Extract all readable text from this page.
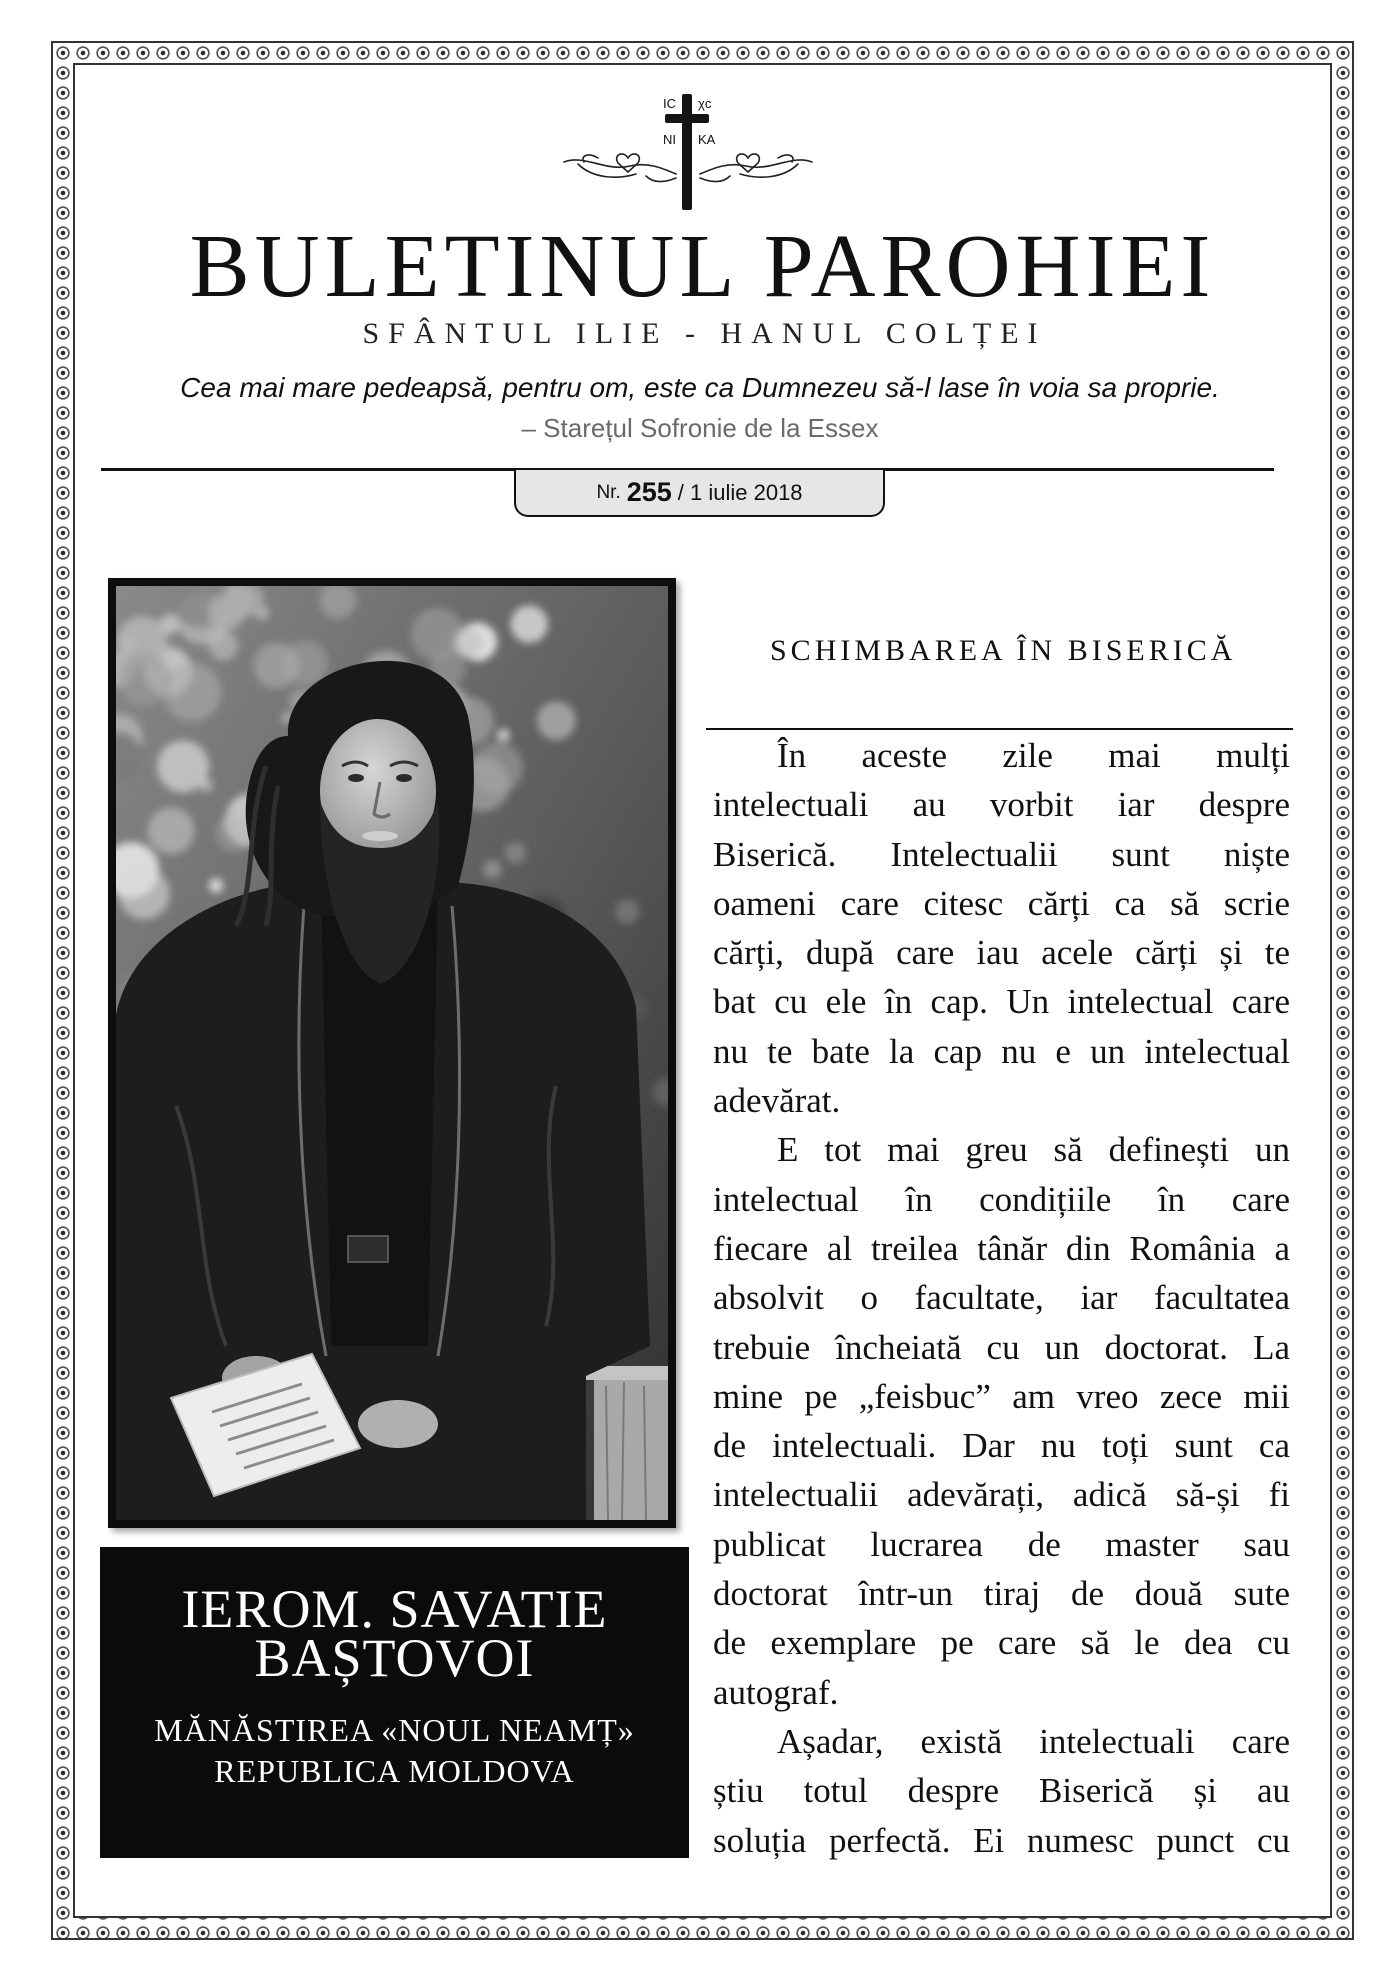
IC χc
NI KA
BULETINUL PAROHIEI
SFÂNTUL ILIE - HANUL COLȚEI
Cea mai mare pedeapsă, pentru om, este ca Dumnezeu să-l lase în voia sa proprie.
– Starețul Sofronie de la Essex
Nr. 255 / 1 iulie 2018
IEROM. SAVATIE
BAȘTOVOI
MĂNĂSTIREA «NOUL NEAMȚ»
REPUBLICA MOLDOVA
SCHIMBAREA ÎN BISERICĂ
În aceste zile mai mulți
intelectuali au vorbit iar despre
Biserică. Intelectualii sunt niște
oameni care citesc cărți ca să scrie
cărți, după care iau acele cărți și te
bat cu ele în cap. Un intelectual care
nu te bate la cap nu e un intelectual
adevărat.
E tot mai greu să definești un
intelectual în condițiile în care
fiecare al treilea tânăr din România a
absolvit o facultate, iar facultatea
trebuie încheiată cu un doctorat. La
mine pe „feisbuc” am vreo zece mii
de intelectuali. Dar nu toți sunt ca
intelectualii adevărați, adică să-și fi
publicat lucrarea de master sau
doctorat într-un tiraj de două sute
de exemplare pe care să le dea cu
autograf.
Așadar, există intelectuali care
știu totul despre Biserică și au
soluția perfectă. Ei numesc punct cu
